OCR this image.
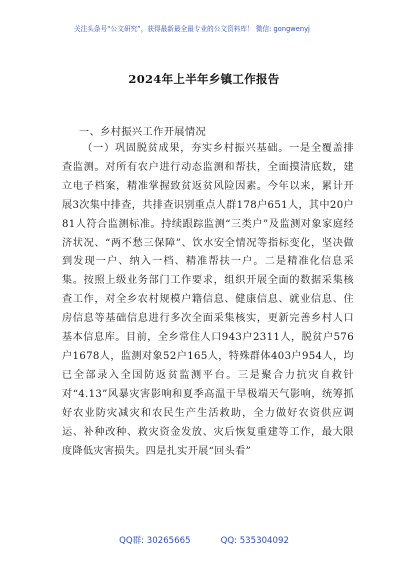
关注头条号“公文研究”，获得最新最全最专业的公文资料库！ 微信: gongwenyj
2024年上半年乡镇工作报告
一、乡村振兴工作开展情况

（一）巩固脱贫成果，夯实乡村振兴基础。一是全覆盖排查监测。对所有农户进行动态监测和帮扶，全面摸清底数，建立电子档案，精准掌握致贫返贫风险因素。今年以来，累计开展3次集中排查，共排查识别重点人群178户651人，其中20户81人符合监测标准。持续跟踪监测“三类户”及监测对象家庭经济状况、“两不愁三保障”、饮水安全情况等指标变化，坚决做到发现一户、纳入一档、精准帮扶一户。二是精准化信息采集。按照上级业务部门工作要求，组织开展全面的数据采集核查工作，对全乡农村规模户籍信息、健康信息、就业信息、住房信息等基础信息进行多次全面采集核实，更新完善乡村人口基本信息库。目前，全乡常住人口943户2311人，脱贫户576户1678人，监测对象52户165人，特殊群体403户954人，均已全部录入全国防返贫监测平台。三是聚合力抗灾自救针对“4.13”风暴灾害影响和夏季高温干旱极端天气影响，统筹抓好农业防灾减灾和农民生产生活救助，全力做好农资供应调运、补种改种、救灾资金发放、灾后恢复重建等工作，最大限度降低灾害损失。四是扎实开展“回头看”

QQ群: 30265665	QQ: 535304092
